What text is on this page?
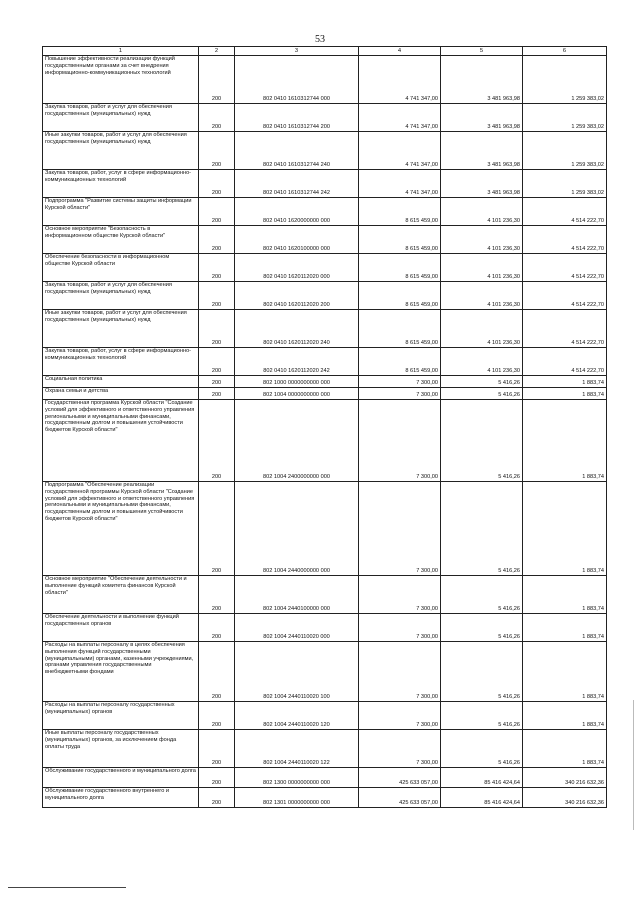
53
1	2	3	4	5	6
Повышение эффективности реализации функций государственными органами за счет внедрения информационно-коммуникационных технологий	200	802 0410 1610312744 000	4 741 347,00	3 481 963,98	1 259 383,02
Закупка товаров, работ и услуг для обеспечения государственных (муниципальных) нужд	200	802 0410 1610312744 200	4 741 347,00	3 481 963,98	1 259 383,02
Иные закупки товаров, работ и услуг для обеспечения государственных (муниципальных) нужд	200	802 0410 1610312744 240	4 741 347,00	3 481 963,98	1 259 383,02
Закупка товаров, работ, услуг в сфере информационно-коммуникационных технологий	200	802 0410 1610312744 242	4 741 347,00	3 481 963,98	1 259 383,02
Подпрограмма "Развитие системы защиты информации Курской области"	200	802 0410 1620000000 000	8 615 459,00	4 101 236,30	4 514 222,70
Основное мероприятие "Безопасность в информационном обществе Курской области"	200	802 0410 1620100000 000	8 615 459,00	4 101 236,30	4 514 222,70
Обеспечение безопасности в информационном обществе Курской области	200	802 0410 1620112020 000	8 615 459,00	4 101 236,30	4 514 222,70
Закупка товаров, работ и услуг для обеспечения государственных (муниципальных) нужд	200	802 0410 1620112020 200	8 615 459,00	4 101 236,30	4 514 222,70
Иные закупки товаров, работ и услуг для обеспечения государственных (муниципальных) нужд	200	802 0410 1620112020 240	8 615 459,00	4 101 236,30	4 514 222,70
Закупка товаров, работ, услуг в сфере информационно-коммуникационных технологий	200	802 0410 1620112020 242	8 615 459,00	4 101 236,30	4 514 222,70
Социальная политика	200	802 1000 0000000000 000	7 300,00	5 416,26	1 883,74
Охрана семьи и детства	200	802 1004 0000000000 000	7 300,00	5 416,26	1 883,74
Государственная программа Курской области "Создание условий для эффективного и ответственного управления региональными и муниципальными финансами, государственным долгом и повышения устойчивости бюджетов Курской области"	200	802 1004 2400000000 000	7 300,00	5 416,26	1 883,74
Подпрограмма "Обеспечение реализации государственной программы Курской области "Создание условий для эффективного и ответственного управления региональными и муниципальными финансами, государственным долгом и повышения устойчивости бюджетов Курской области"	200	802 1004 2440000000 000	7 300,00	5 416,26	1 883,74
Основное мероприятие "Обеспечение деятельности и выполнение функций комитета финансов Курской области"	200	802 1004 2440100000 000	7 300,00	5 416,26	1 883,74
Обеспечение деятельности и выполнение функций государственных органов	200	802 1004 2440110020 000	7 300,00	5 416,26	1 883,74
Расходы на выплаты персоналу в целях обеспечения выполнения функций государственными (муниципальными) органами, казенными учреждениями, органами управления государственными внебюджетными фондами	200	802 1004 2440110020 100	7 300,00	5 416,26	1 883,74
Расходы на выплаты персоналу государственных (муниципальных) органов	200	802 1004 2440110020 120	7 300,00	5 416,26	1 883,74
Иные выплаты персоналу государственных (муниципальных) органов, за исключением фонда оплаты труда	200	802 1004 2440110020 122	7 300,00	5 416,26	1 883,74
Обслуживание государственного и муниципального долга	200	802 1300 0000000000 000	425 633 057,00	85 416 424,64	340 216 632,36
Обслуживание государственного внутреннего и муниципального долга	200	802 1301 0000000000 000	425 633 057,00	85 416 424,64	340 216 632,36
